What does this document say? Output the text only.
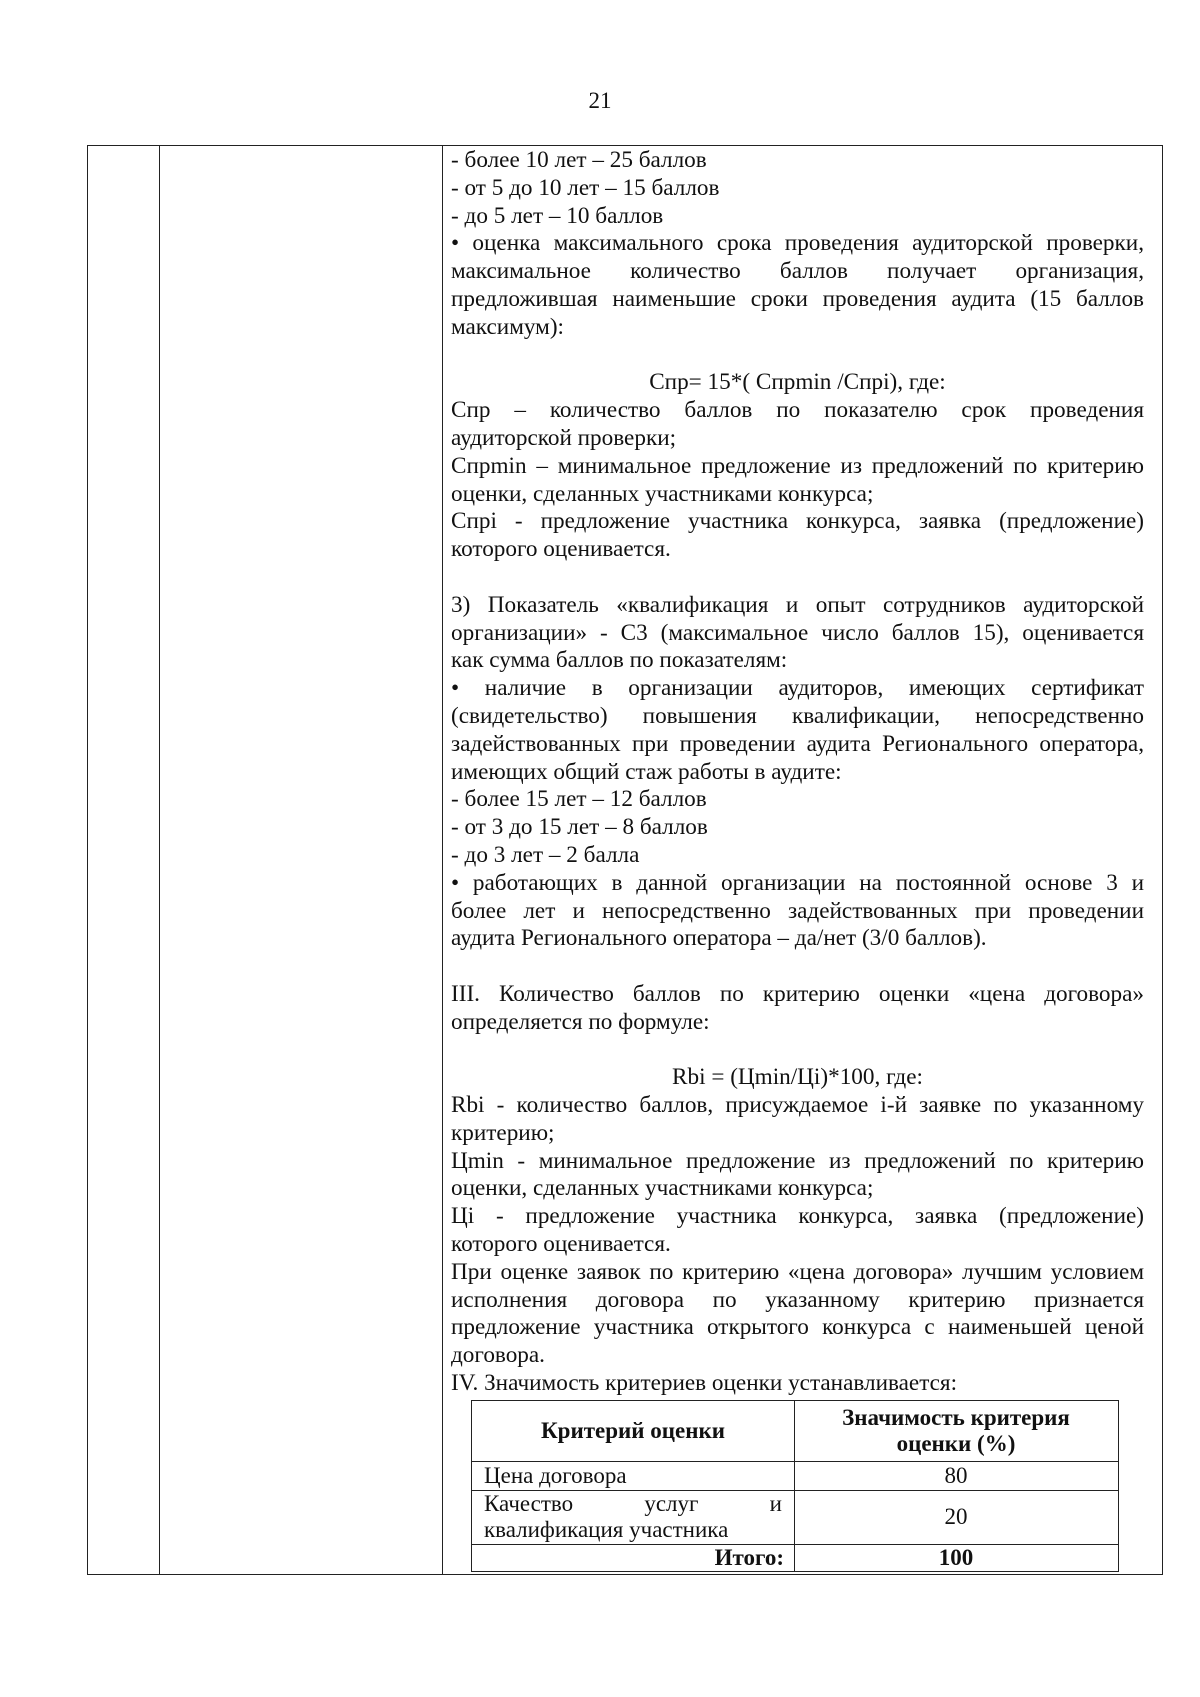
21
- более 10 лет – 25 баллов
- от 5 до 10 лет – 15 баллов
- до 5 лет – 10 баллов
• оценка максимального срока проведения аудиторской проверки,
максимальное количество баллов получает организация,
предложившая наименьшие сроки проведения аудита (15 баллов
максимум):
Спр= 15*( Спрmin /Спрi), где:
Спр – количество баллов по показателю срок проведения
аудиторской проверки;
Спрmin – минимальное предложение из предложений по критерию
оценки, сделанных участниками конкурса;
Спрi - предложение участника конкурса, заявка (предложение)
которого оценивается.
3) Показатель «квалификация и опыт сотрудников аудиторской
организации» - С3 (максимальное число баллов 15), оценивается
как сумма баллов по показателям:
• наличие в организации аудиторов, имеющих сертификат
(свидетельство) повышения квалификации, непосредственно
задействованных при проведении аудита Регионального оператора,
имеющих общий стаж работы в аудите:
- более 15 лет – 12 баллов
- от 3 до 15 лет – 8 баллов
- до 3 лет – 2 балла
• работающих в данной организации на постоянной основе 3 и
более лет и непосредственно задействованных при проведении
аудита Регионального оператора – да/нет (3/0 баллов).
III. Количество баллов по критерию оценки «цена договора»
определяется по формуле:
Rbi = (Цmin/Цi)*100, где:
Rbi - количество баллов, присуждаемое i-й заявке по указанному
критерию;
Цmin - минимальное предложение из предложений по критерию
оценки, сделанных участниками конкурса;
Цi - предложение участника конкурса, заявка (предложение)
которого оценивается.
При оценке заявок по критерию «цена договора» лучшим условием
исполнения договора по указанному критерию признается
предложение участника открытого конкурса с наименьшей ценой
договора.
IV. Значимость критериев оценки устанавливается:
Критерий оценки
Значимость критерия
оценки (%)
Цена договора	80
Качество услуг и
квалификация участника
20
Итого:	100
